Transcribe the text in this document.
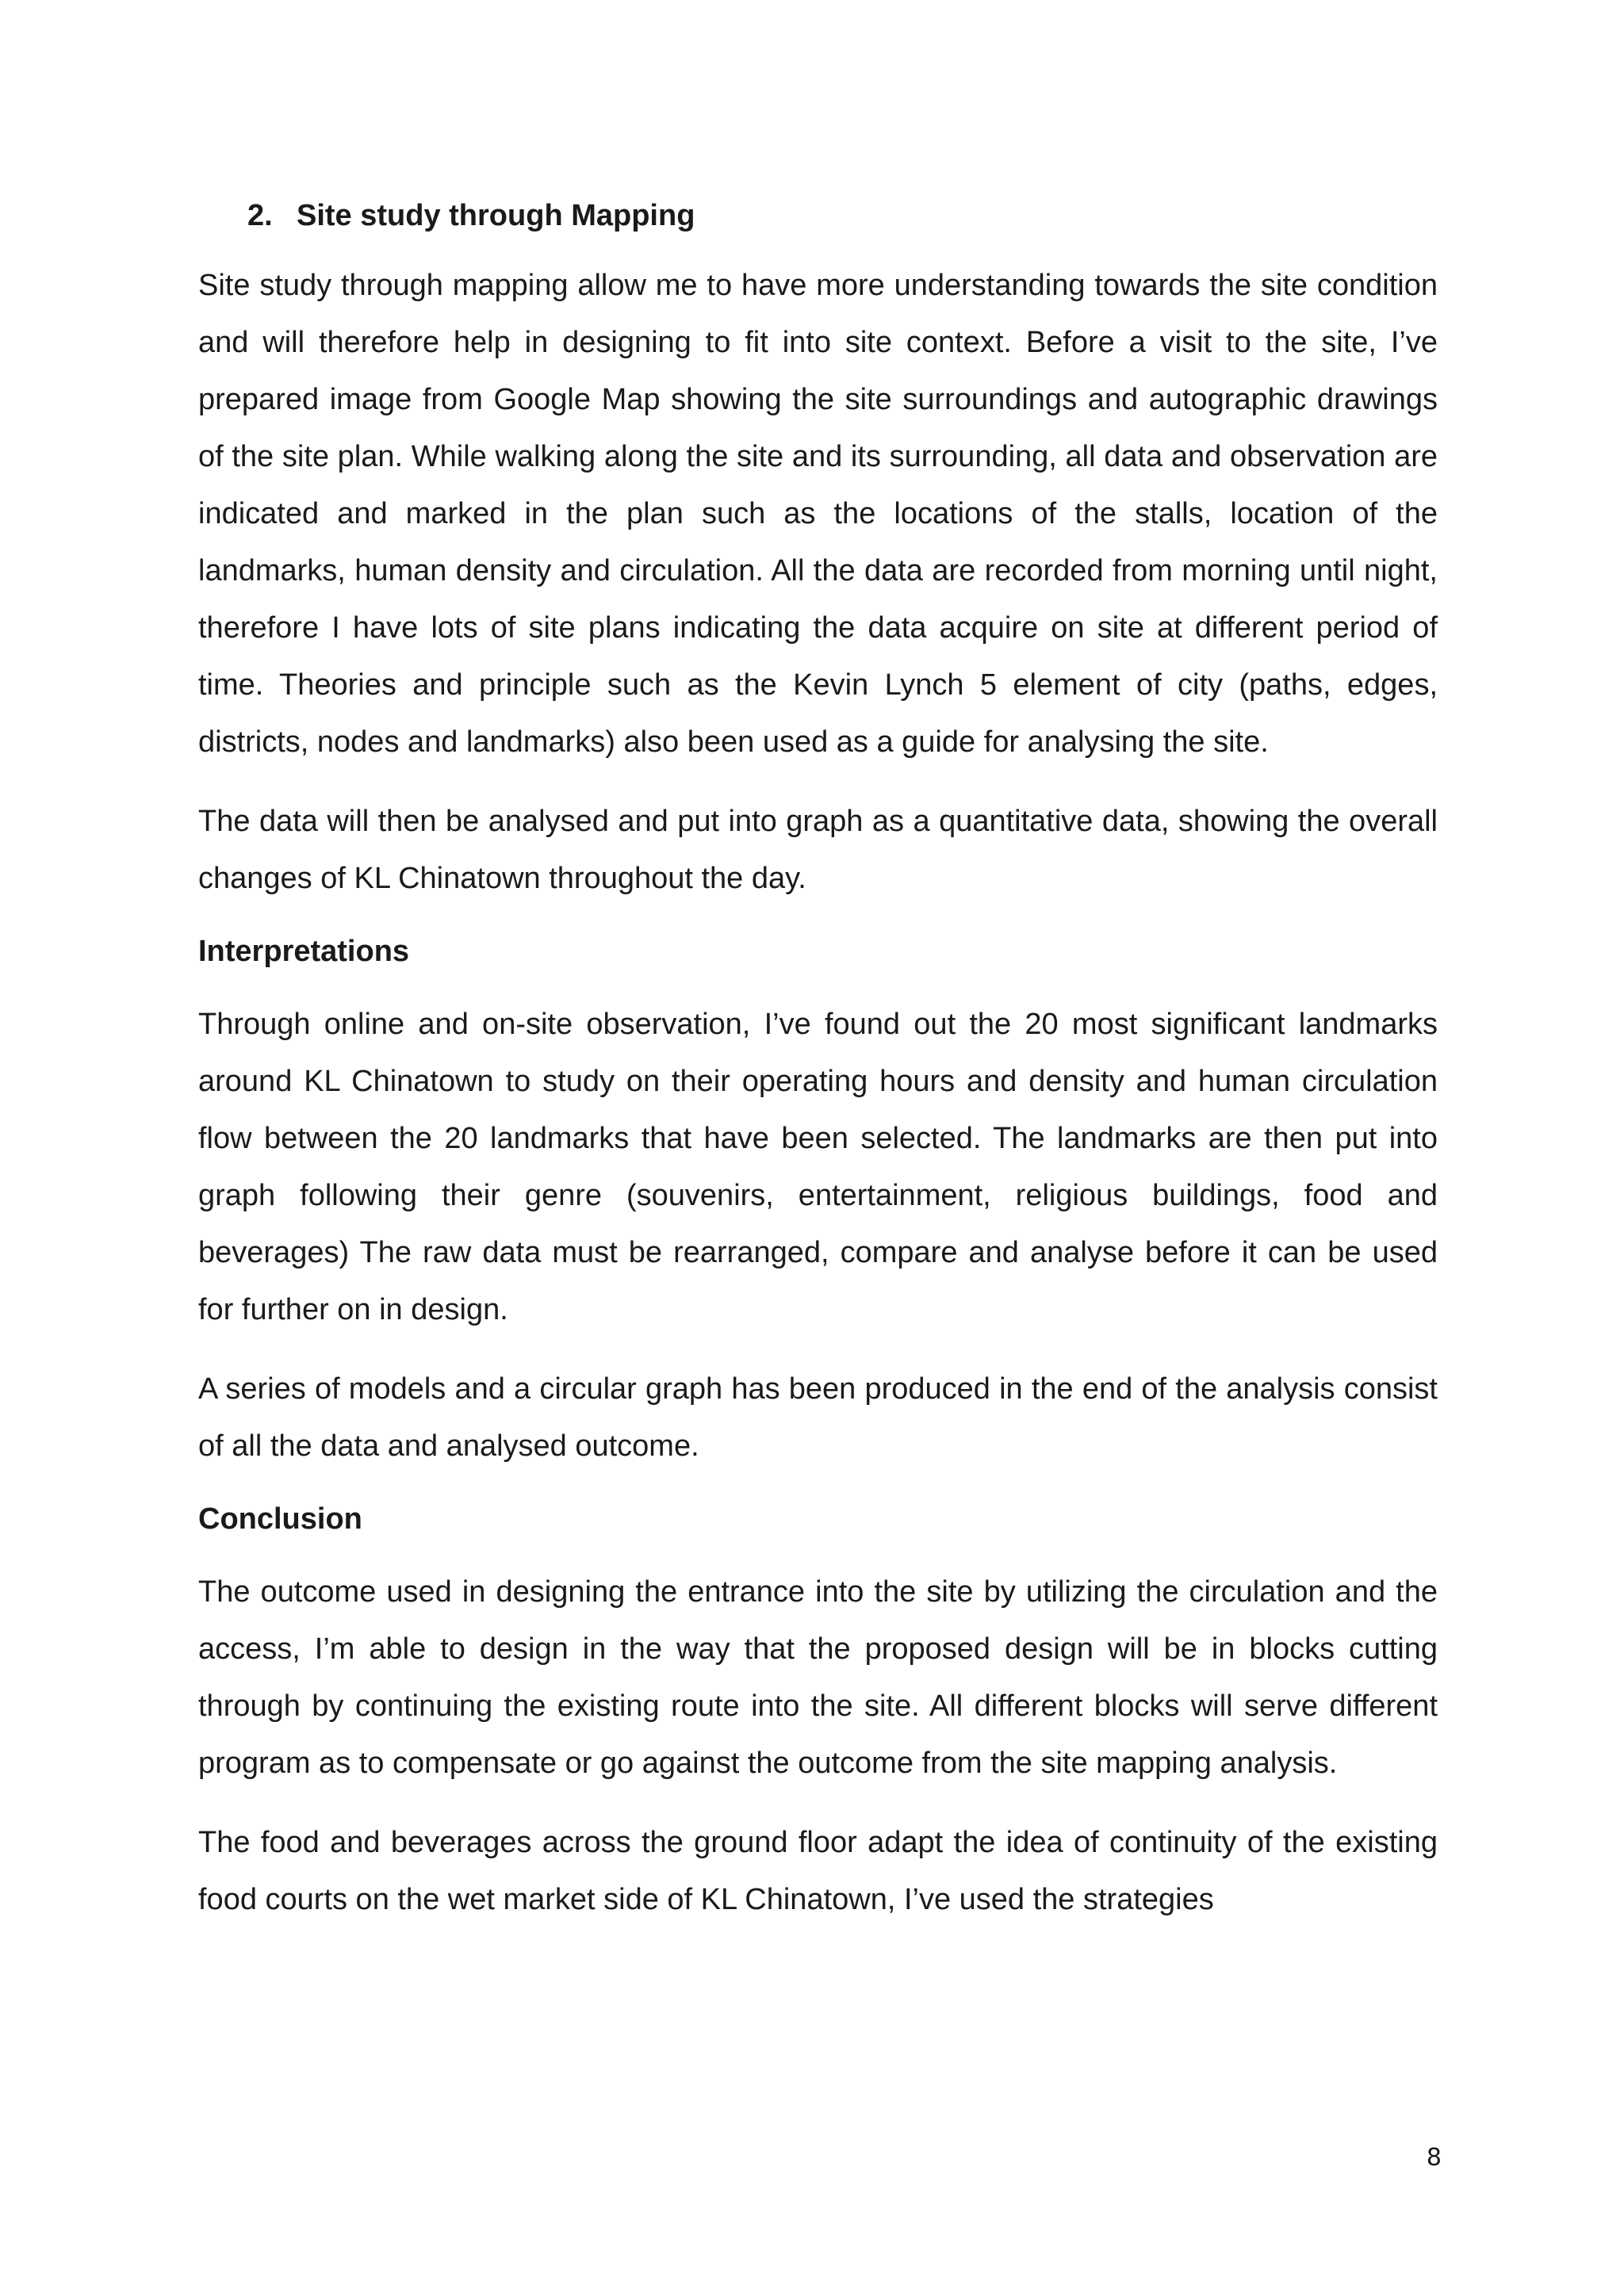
2. Site study through Mapping

Site study through mapping allow me to have more understanding towards the site condition and will therefore help in designing to fit into site context. Before a visit to the site, I’ve prepared image from Google Map showing the site surroundings and autographic drawings of the site plan. While walking along the site and its surrounding, all data and observation are indicated and marked in the plan such as the locations of the stalls, location of the landmarks, human density and circulation. All the data are recorded from morning until night, therefore I have lots of site plans indicating the data acquire on site at different period of time. Theories and principle such as the Kevin Lynch 5 element of city (paths, edges, districts, nodes and landmarks) also been used as a guide for analysing the site.

The data will then be analysed and put into graph as a quantitative data, showing the overall changes of KL Chinatown throughout the day.

Interpretations

Through online and on-site observation, I’ve found out the 20 most significant landmarks around KL Chinatown to study on their operating hours and density and human circulation flow between the 20 landmarks that have been selected. The landmarks are then put into graph following their genre (souvenirs, entertainment, religious buildings, food and beverages) The raw data must be rearranged, compare and analyse before it can be used for further on in design.

A series of models and a circular graph has been produced in the end of the analysis consist of all the data and analysed outcome.

Conclusion

The outcome used in designing the entrance into the site by utilizing the circulation and the access, I’m able to design in the way that the proposed design will be in blocks cutting through by continuing the existing route into the site. All different blocks will serve different program as to compensate or go against the outcome from the site mapping analysis.

The food and beverages across the ground floor adapt the idea of continuity of the existing food courts on the wet market side of KL Chinatown, I’ve used the strategies

8
